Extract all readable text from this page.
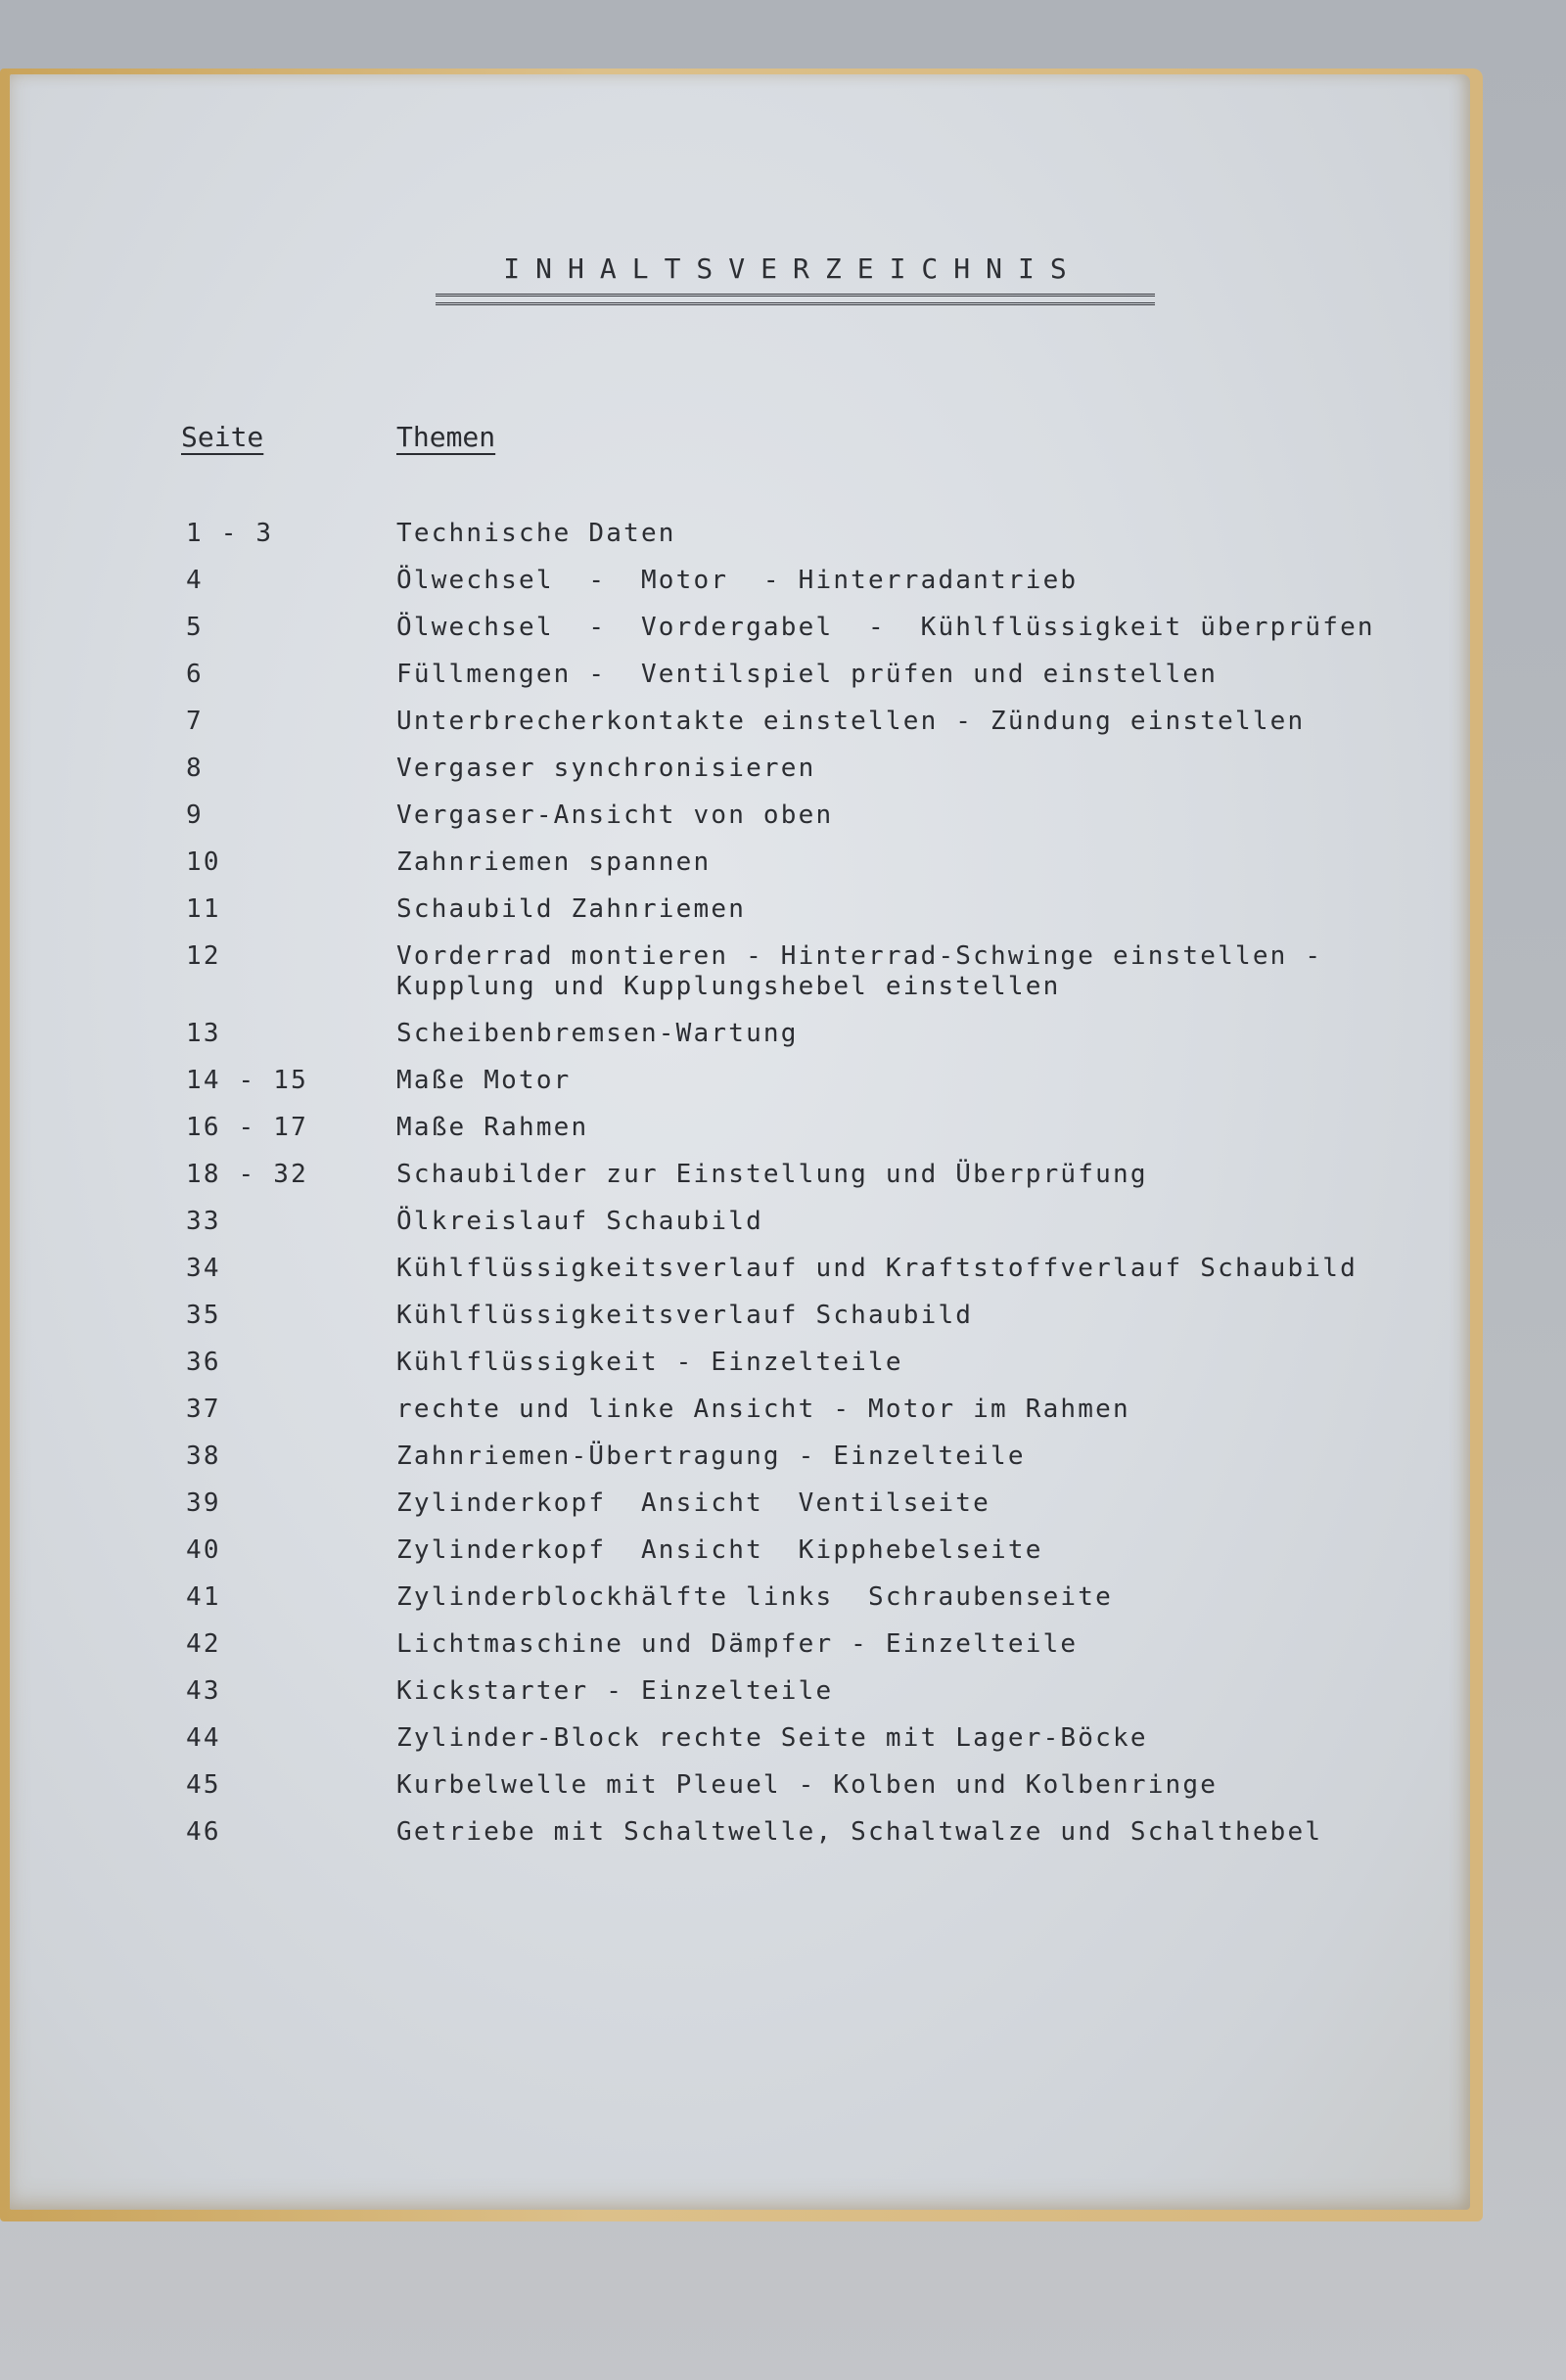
INHALTSVERZEICHNIS
Seite	Themen
1 - 3	Technische Daten
4	Ölwechsel  -  Motor  - Hinterradantrieb
5	Ölwechsel  -  Vordergabel  -  Kühlflüssigkeit überprüfen
6	Füllmengen -  Ventilspiel prüfen und einstellen
7	Unterbrecherkontakte einstellen - Zündung einstellen
8	Vergaser synchronisieren
9	Vergaser-Ansicht von oben
10	Zahnriemen spannen
11	Schaubild Zahnriemen
12	Vorderrad montieren - Hinterrad-Schwinge einstellen -
Kupplung und Kupplungshebel einstellen
13	Scheibenbremsen-Wartung
14 - 15	Maße Motor
16 - 17	Maße Rahmen
18 - 32	Schaubilder zur Einstellung und Überprüfung
33	Ölkreislauf Schaubild
34	Kühlflüssigkeitsverlauf und Kraftstoffverlauf Schaubild
35	Kühlflüssigkeitsverlauf Schaubild
36	Kühlflüssigkeit - Einzelteile
37	rechte und linke Ansicht - Motor im Rahmen
38	Zahnriemen-Übertragung - Einzelteile
39	Zylinderkopf  Ansicht  Ventilseite
40	Zylinderkopf  Ansicht  Kipphebelseite
41	Zylinderblockhälfte links  Schraubenseite
42	Lichtmaschine und Dämpfer - Einzelteile
43	Kickstarter - Einzelteile
44	Zylinder-Block rechte Seite mit Lager-Böcke
45	Kurbelwelle mit Pleuel - Kolben und Kolbenringe
46	Getriebe mit Schaltwelle, Schaltwalze und Schalthebel
